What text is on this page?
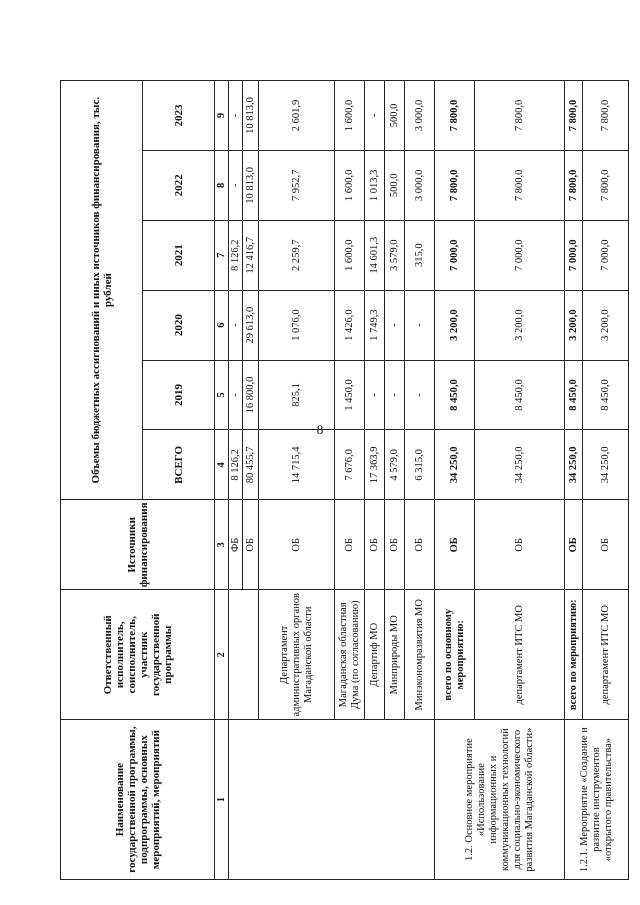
8
Наименование государственной программы, подпрограммы, основных мероприятий, мероприятий	Ответственный исполнитель, соисполнитель, участник государственной программы	Источники финансирования	Объемы бюджетных ассигнований и иных источников финансирования, тыс. рублей					
			ВСЕГО	2019	2020	2021	2022	2023
1	2	3	4	5	6	7	8	9
		ФБ	8 126,2	-	-	8 126,2	-	-
		ОБ	80 455,7	16 800,0	29 613,0	12 416,7	10 813,0	10 813,0
	Департамент административных органов Магаданской области	ОБ	14 715,4	825,1	1 076,0	2 259,7	7 952,7	2 601,9
	Магаданская областная Дума (по согласованию)	ОБ	7 676,0	1 450,0	1 426,0	1 600,0	1 600,0	1 600,0
	Департиф МО	ОБ	17 363,9	-	1 749,3	14 601,3	1 013,3	-
	Минприроды МО	ОБ	4 579,0	-	-	3 579,0	500,0	500,0
	Минэкономразвития МО	ОБ	6 315,0	-	-	315,0	3 000,0	3 000,0
1.2. Основное мероприятие «Использование информационных и коммуникационных технологий для социально-экономического развития Магаданской области»	всего по основному мероприятию:	ОБ	34 250,0	8 450,0	3 200,0	7 000,0	7 800,0	7 800,0
	департамент ИТС МО	ОБ	34 250,0	8 450,0	3 200,0	7 000,0	7 800,0	7 800,0
1.2.1. Мероприятие «Создание и развитие инструментов «открытого правительства»	всего по мероприятию:	ОБ	34 250,0	8 450,0	3 200,0	7 000,0	7 800,0	7 800,0
	департамент ИТС МО	ОБ	34 250,0	8 450,0	3 200,0	7 000,0	7 800,0	7 800,0
